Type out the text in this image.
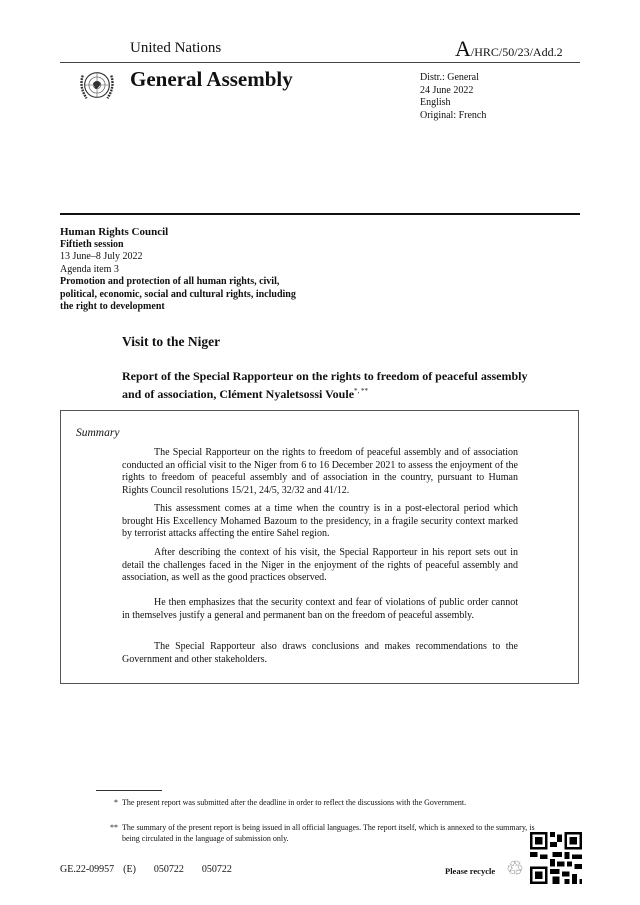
United Nations	A/HRC/50/23/Add.2
General Assembly	Distr.: General
24 June 2022
English
Original: French
Human Rights Council
Fiftieth session
13 June–8 July 2022
Agenda item 3
Promotion and protection of all human rights, civil, political, economic, social and cultural rights, including the right to development
Visit to the Niger
Report of the Special Rapporteur on the rights to freedom of peaceful assembly and of association, Clément Nyaletsossi Voule*, **
Summary
The Special Rapporteur on the rights to freedom of peaceful assembly and of association conducted an official visit to the Niger from 6 to 16 December 2021 to assess the enjoyment of the rights to freedom of peaceful assembly and of association in the country, pursuant to Human Rights Council resolutions 15/21, 24/5, 32/32 and 41/12.
This assessment comes at a time when the country is in a post-electoral period which brought His Excellency Mohamed Bazoum to the presidency, in a fragile security context marked by terrorist attacks affecting the entire Sahel region.
After describing the context of his visit, the Special Rapporteur in his report sets out in detail the challenges faced in the Niger in the enjoyment of the rights of peaceful assembly and association, as well as the good practices observed.
He then emphasizes that the security context and fear of violations of public order cannot in themselves justify a general and permanent ban on the freedom of peaceful assembly.
The Special Rapporteur also draws conclusions and makes recommendations to the Government and other stakeholders.
* The present report was submitted after the deadline in order to reflect the discussions with the Government.
** The summary of the present report is being issued in all official languages. The report itself, which is annexed to the summary, is being circulated in the language of submission only.
GE.22-09957  (E)    050722    050722	Please recycle ♲
